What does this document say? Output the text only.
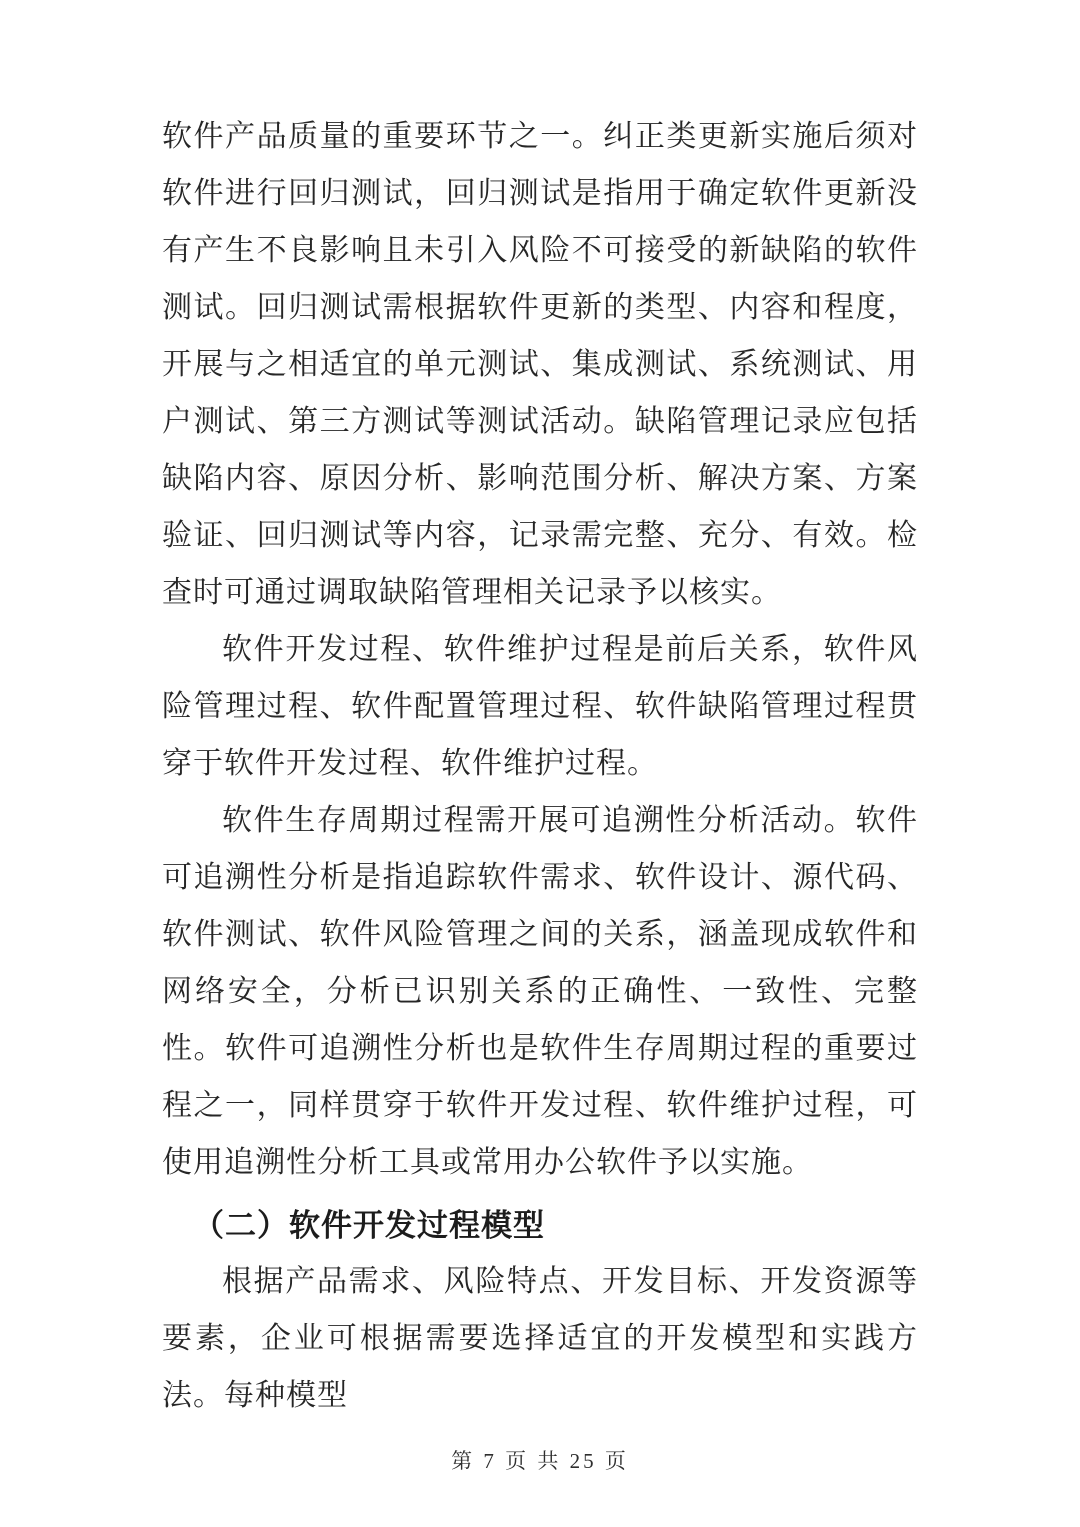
软件产品质量的重要环节之一。纠正类更新实施后须对软件进行回归测试，回归测试是指用于确定软件更新没有产生不良影响且未引入风险不可接受的新缺陷的软件测试。回归测试需根据软件更新的类型、内容和程度，开展与之相适宜的单元测试、集成测试、系统测试、用户测试、第三方测试等测试活动。缺陷管理记录应包括缺陷内容、原因分析、影响范围分析、解决方案、方案验证、回归测试等内容，记录需完整、充分、有效。检查时可通过调取缺陷管理相关记录予以核实。

软件开发过程、软件维护过程是前后关系，软件风险管理过程、软件配置管理过程、软件缺陷管理过程贯穿于软件开发过程、软件维护过程。

软件生存周期过程需开展可追溯性分析活动。软件可追溯性分析是指追踪软件需求、软件设计、源代码、软件测试、软件风险管理之间的关系，涵盖现成软件和网络安全，分析已识别关系的正确性、一致性、完整性。软件可追溯性分析也是软件生存周期过程的重要过程之一，同样贯穿于软件开发过程、软件维护过程，可使用追溯性分析工具或常用办公软件予以实施。

（二）软件开发过程模型

根据产品需求、风险特点、开发目标、开发资源等要素，企业可根据需要选择适宜的开发模型和实践方法。每种模型

第 7 页 共 25 页
